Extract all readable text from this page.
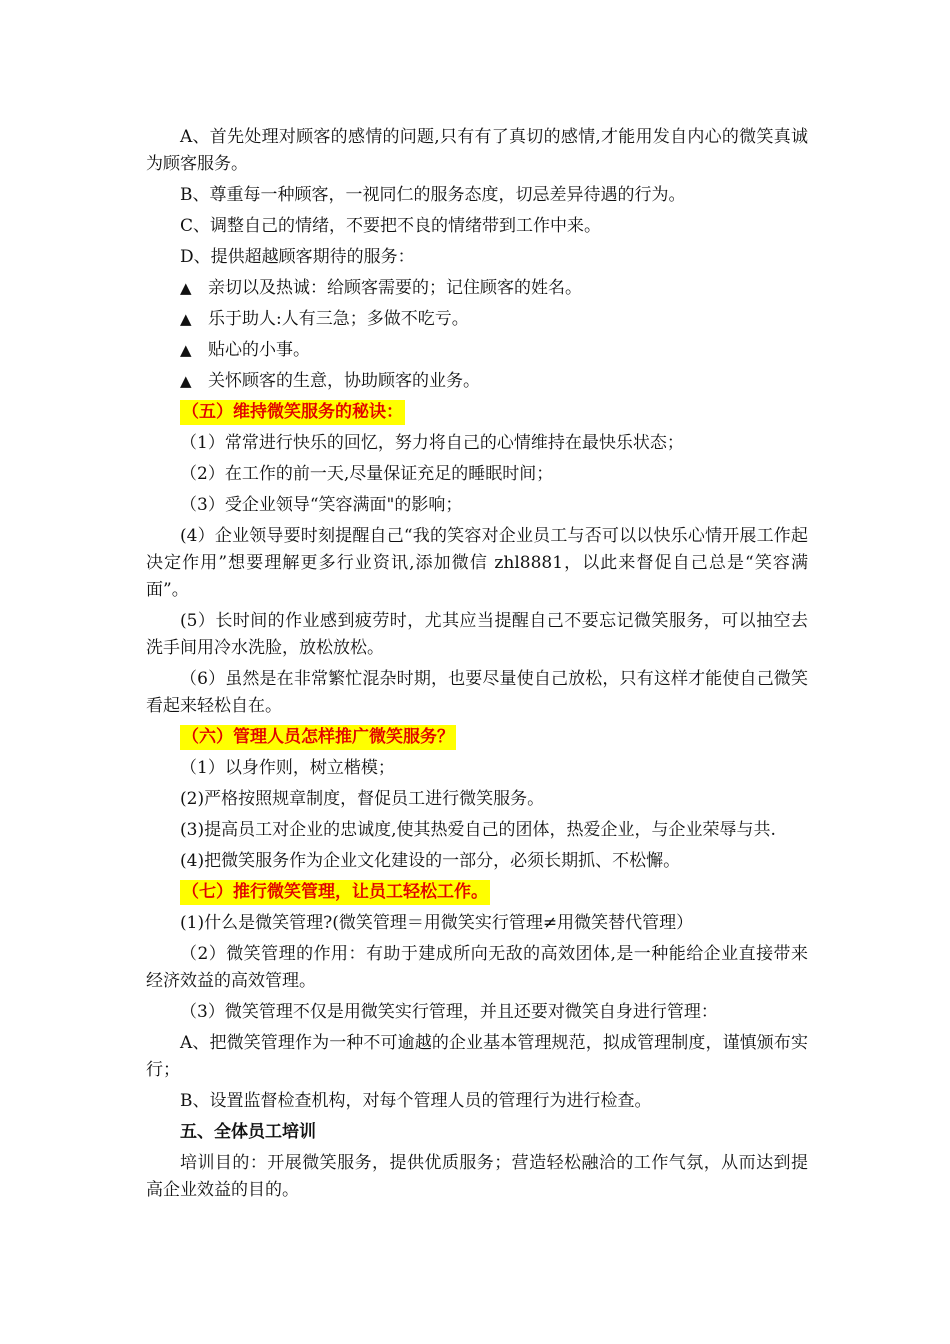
A、首先处理对顾客的感情的问题,只有有了真切的感情,才能用发自内心的微笑真诚为顾客服务。

B、尊重每一种顾客，一视同仁的服务态度，切忌差异待遇的行为。

C、调整自己的情绪，不要把不良的情绪带到工作中来。

D、提供超越顾客期待的服务：

▲ 亲切以及热诚：给顾客需要的；记住顾客的姓名。
▲ 乐于助人:人有三急；多做不吃亏。
▲ 贴心的小事。
▲ 关怀顾客的生意，协助顾客的业务。
（五）维持微笑服务的秘诀：

（1）常常进行快乐的回忆，努力将自己的心情维持在最快乐状态；

（2）在工作的前一天,尽量保证充足的睡眠时间；

（3）受企业领导“笑容满面"的影响；

(4）企业领导要时刻提醒自己“我的笑容对企业员工与否可以以快乐心情开展工作起决定作用”想要理解更多行业资讯,添加微信 zhl8881，以此来督促自己总是“笑容满面”。

(5）长时间的作业感到疲劳时，尤其应当提醒自己不要忘记微笑服务，可以抽空去洗手间用冷水洗脸，放松放松。

（6）虽然是在非常繁忙混杂时期，也要尽量使自己放松，只有这样才能使自己微笑看起来轻松自在。

（六）管理人员怎样推广微笑服务？

（1）以身作则，树立楷模；

(2)严格按照规章制度，督促员工进行微笑服务。

(3)提高员工对企业的忠诚度,使其热爱自己的团体，热爱企业，与企业荣辱与共.

(4)把微笑服务作为企业文化建设的一部分，必须长期抓、不松懈。

（七）推行微笑管理，让员工轻松工作。

(1)什么是微笑管理?(微笑管理＝用微笑实行管理≠用微笑替代管理）

（2）微笑管理的作用：有助于建成所向无敌的高效团体,是一种能给企业直接带来经济效益的高效管理。

（3）微笑管理不仅是用微笑实行管理，并且还要对微笑自身进行管理：

A、把微笑管理作为一种不可逾越的企业基本管理规范，拟成管理制度，谨慎颁布实行；

B、设置监督检查机构，对每个管理人员的管理行为进行检查。

五、全体员工培训

培训目的：开展微笑服务，提供优质服务；营造轻松融洽的工作气氛，从而达到提高企业效益的目的。
